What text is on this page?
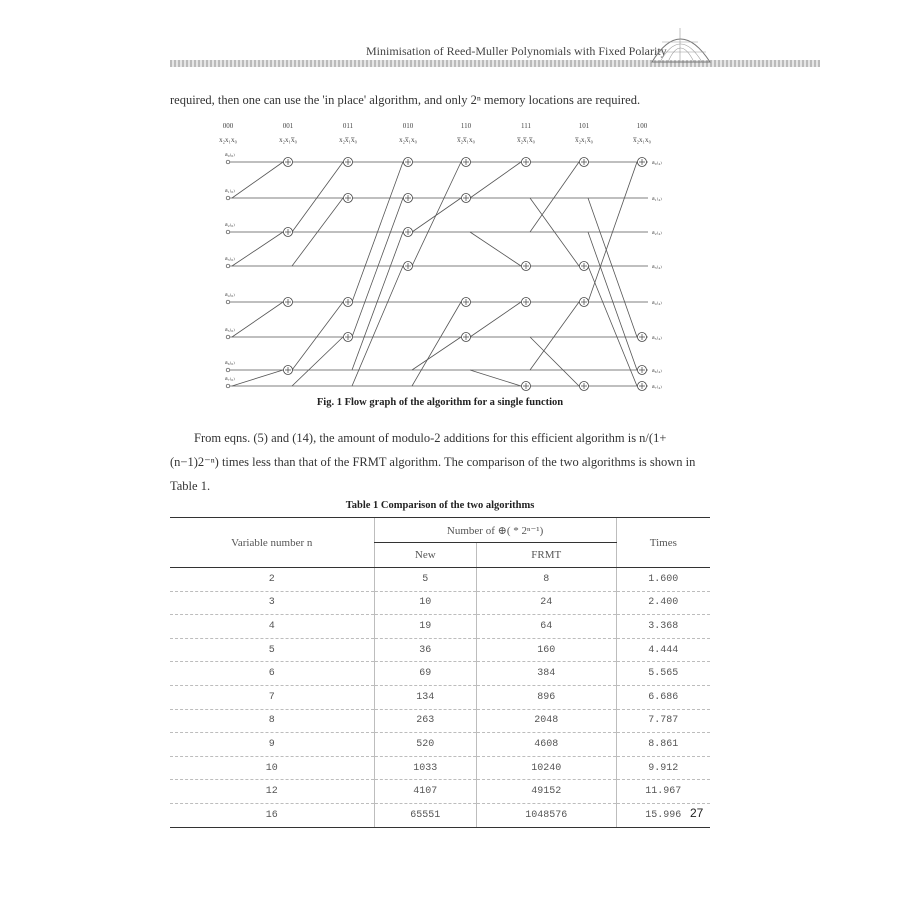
Minimisation of Reed-Muller Polynomials with Fixed Polarity
required, then one can use the 'in place' algorithm, and only 2ⁿ memory locations are required.
000
x₂x₁x₀
001
x₂x₁x̅₀
011
x₂x̅₁x̅₀
010
x₂x̅₁x₀
110
x̅₂x̅₁x₀
111
x̅₂x̅₁x̅₀
101
x̅₂x₁x̅₀
100
x̅₂x₁x₀
a₀₍₀₎
a₀₍₄₎
a₁₍₀₎
a₁₍₄₎
a₂₍₀₎
a₂₍₄₎
a₃₍₀₎
a₃₍₄₎
a₄₍₀₎
a₄₍₄₎
a₅₍₀₎
a₅₍₄₎
a₆₍₀₎
a₆₍₄₎
a₇₍₀₎
a₇₍₄₎
Fig. 1 Flow graph of the algorithm for a single function
From eqns. (5) and (14), the amount of modulo-2 additions for this efficient algorithm is n/(1+(n−1)2⁻ⁿ) times less than that of the FRMT algorithm. The comparison of the two algorithms is shown in Table 1.
Table 1 Comparison of the two algorithms
Variable number n	Number of ⊕( * 2ⁿ⁻¹)		Times
	New	FRMT	
2	5	8	1.600
3	10	24	2.400
4	19	64	3.368
5	36	160	4.444
6	69	384	5.565
7	134	896	6.686
8	263	2048	7.787
9	520	4608	8.861
10	1033	10240	9.912
12	4107	49152	11.967
16	65551	1048576	15.996 27
